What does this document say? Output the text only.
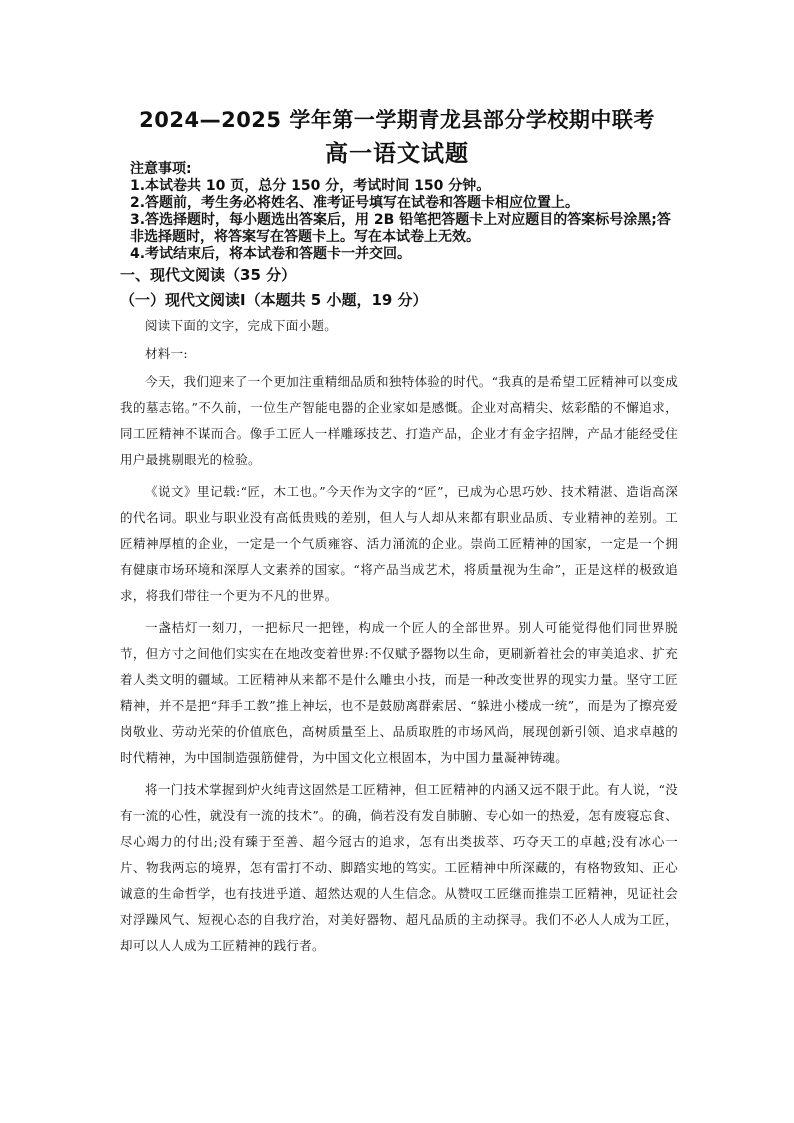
2024—2025 学年第一学期青龙县部分学校期中联考
高一语文试题
注意事项:
1.本试卷共 10 页，总分 150 分，考试时间 150 分钟。
2.答题前，考生务必将姓名、准考证号填写在试卷和答题卡相应位置上。
3.答选择题时，每小题选出答案后，用 2B 铅笔把答题卡上对应题目的答案标号涂黑;答非选择题时，将答案写在答题卡上。写在本试卷上无效。
4.考试结束后，将本试卷和答题卡一并交回。
一、现代文阅读（35 分）
（一）现代文阅读Ⅰ（本题共 5 小题，19 分）

阅读下面的文字，完成下面小题。

材料一:

今天，我们迎来了一个更加注重精细品质和独特体验的时代。“我真的是希望工匠精神可以变成我的墓志铭。”不久前，一位生产智能电器的企业家如是感慨。企业对高精尖、炫彩酷的不懈追求，同工匠精神不谋而合。像手工匠人一样雕琢技艺、打造产品，企业才有金字招牌，产品才能经受住用户最挑剔眼光的检验。

《说文》里记载:“匠，木工也。”今天作为文字的“匠”，已成为心思巧妙、技术精湛、造诣高深的代名词。职业与职业没有高低贵贱的差别，但人与人却从来都有职业品质、专业精神的差别。工匠精神厚植的企业，一定是一个气质雍容、活力涌流的企业。崇尚工匠精神的国家，一定是一个拥有健康市场环境和深厚人文素养的国家。“将产品当成艺术，将质量视为生命”，正是这样的极致追求，将我们带往一个更为不凡的世界。

一盏桔灯一刻刀，一把标尺一把锉，构成一个匠人的全部世界。别人可能觉得他们同世界脱节，但方寸之间他们实实在在地改变着世界:不仅赋予器物以生命，更刷新着社会的审美追求、扩充着人类文明的疆域。工匠精神从来都不是什么雕虫小技，而是一种改变世界的现实力量。坚守工匠精神，并不是把“拜手工教”推上神坛，也不是鼓励离群索居、“躲进小楼成一统”，而是为了擦亮爱岗敬业、劳动光荣的价值底色，高树质量至上、品质取胜的市场风尚，展现创新引领、追求卓越的时代精神，为中国制造强筋健骨，为中国文化立根固本，为中国力量凝神铸魂。

将一门技术掌握到炉火纯青这固然是工匠精神，但工匠精神的内涵又远不限于此。有人说，“没有一流的心性，就没有一流的技术”。的确，倘若没有发自肺腑、专心如一的热爱，怎有废寝忘食、尽心竭力的付出;没有臻于至善、超今冠古的追求，怎有出类拔萃、巧夺天工的卓越;没有冰心一片、物我两忘的境界，怎有雷打不动、脚踏实地的笃实。工匠精神中所深藏的，有格物致知、正心诚意的生命哲学，也有技进乎道、超然达观的人生信念。从赞叹工匠继而推崇工匠精神，见证社会对浮躁风气、短视心态的自我疗治，对美好器物、超凡品质的主动探寻。我们不必人人成为工匠，却可以人人成为工匠精神的践行者。
